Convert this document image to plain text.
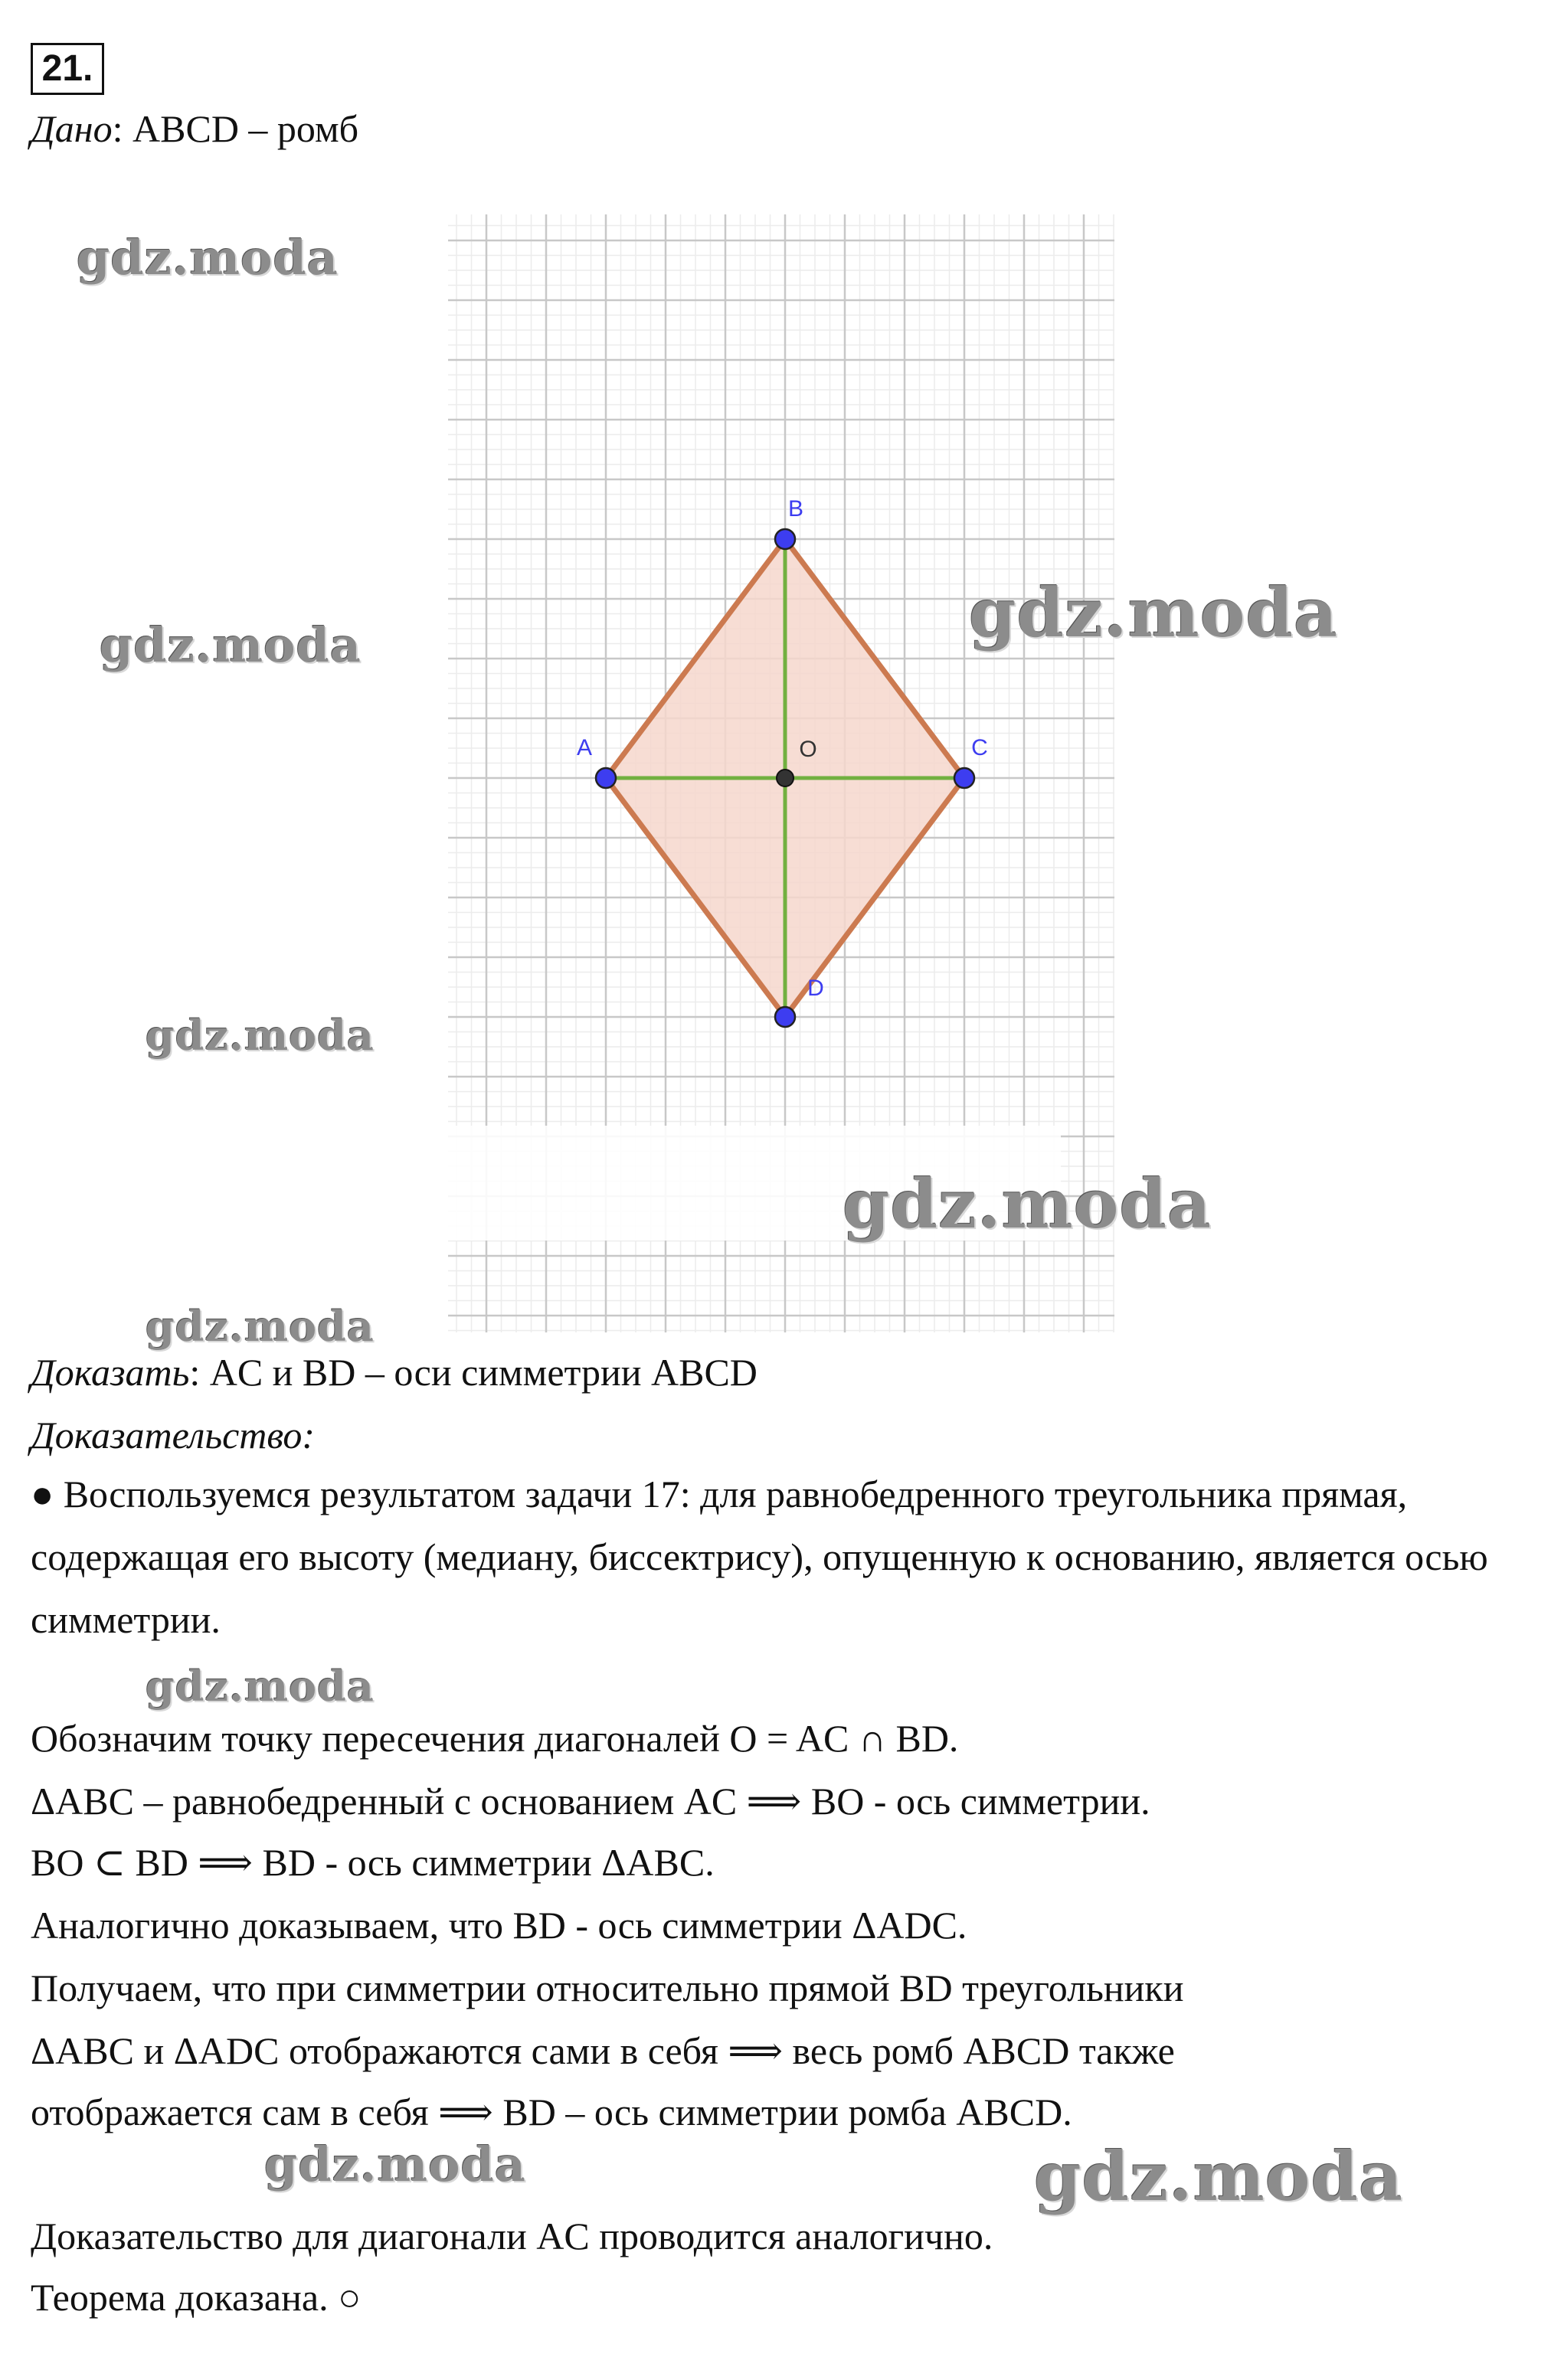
21.
Дано: ABCD – ромб
A
B
C
D
O
Доказать: AC и BD – оси симметрии ABCD
Доказательство:
● Воспользуемся результатом задачи 17: для равнобедренного треугольника прямая, содержащая его высоту (медиану, биссектрису), опущенную к основанию, является осью симметрии.
Обозначим точку пересечения диагоналей O = AC ∩ BD.
ΔABC – равнобедренный с основанием AC ⟹ BO - ось симметрии.
BO ⊂ BD ⟹ BD - ось симметрии ΔABC.
Аналогично доказываем, что BD - ось симметрии ΔADC.
Получаем, что при симметрии относительно прямой BD треугольники
ΔABC и ΔADC отображаются сами в себя ⟹ весь ромб ABCD также
отображается сам в себя ⟹ BD – ось симметрии ромба ABCD.
Доказательство для диагонали AC проводится аналогично.
Теорема доказана. ○
gdz.moda
gdz.moda	gdz.moda
gdz.moda
gdz.moda
gdz.moda
gdz.moda
gdz.moda	gdz.moda
